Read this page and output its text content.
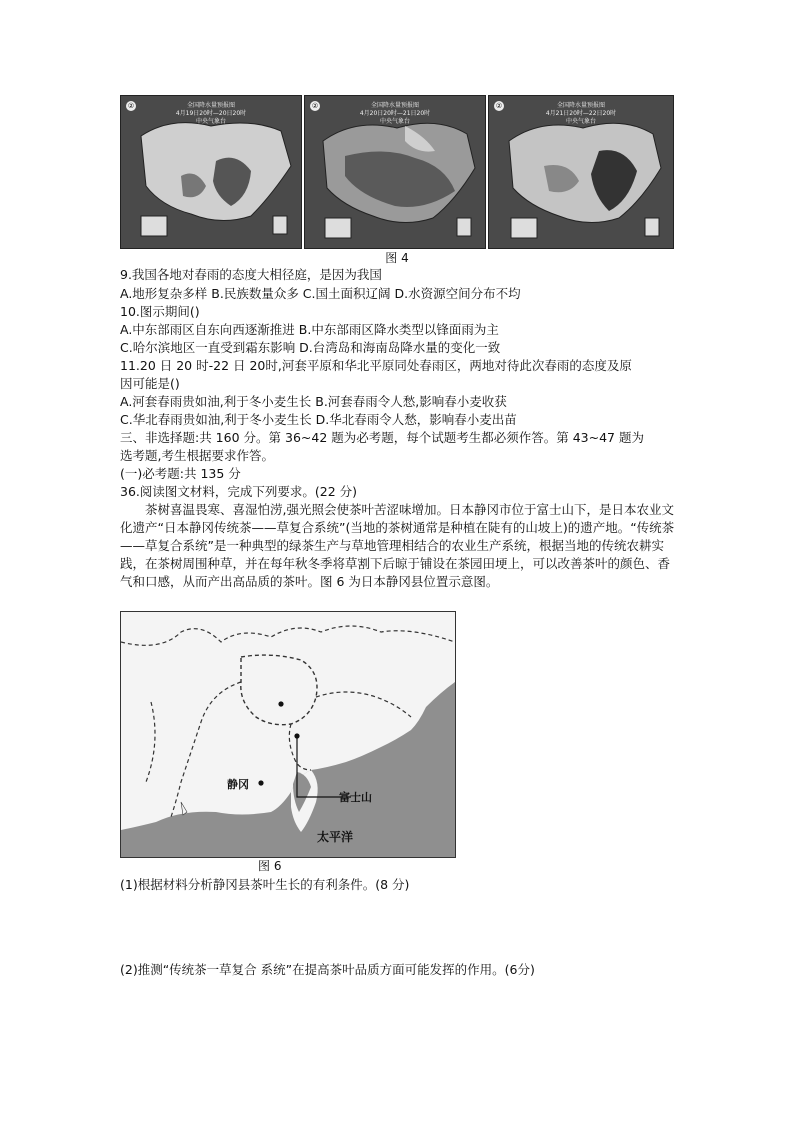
②	全国降水量预报图
4月19日20时—20日20时
中央气象台
②	全国降水量预报图
4月20日20时—21日20时
中央气象台
②	全国降水量预报图
4月21日20时—22日20时
中央气象台
图 4
9.我国各地对春雨的态度大相径庭，是因为我国
A.地形复杂多样 B.民族数量众多 C.国土面积辽阔 D.水资源空间分布不均
10.图示期间()
A.中东部雨区自东向西逐渐推进 B.中东部雨区降水类型以锋面雨为主
C.哈尔滨地区一直受到霜东影响 D.台湾岛和海南岛降水量的变化一致
11.20 日 20 时-22 日 20时,河套平原和华北平原同处春雨区，两地对待此次春雨的态度及原
因可能是()
A.河套春雨贵如油,利于冬小麦生长 B.河套春雨令人愁,影响春小麦收获
C.华北春雨贵如油,利于冬小麦生长 D.华北春雨令人愁，影响春小麦出苗
三、非选择题:共 160 分。第 36~42 题为必考题，每个试题考生都必须作答。第 43~47 题为
选考题,考生根据要求作答。
(一)必考题:共 135 分
36.阅读图文材料，完成下列要求。(22 分)
茶树喜温畏寒、喜湿怕涝,强光照会使茶叶苦涩味增加。日本静冈市位于富士山下，是日本农业文化遗产“日本静冈传统茶——草复合系统”(当地的茶树通常是种植在陡有的山坡上)的遗产地。“传统茶——草复合系统”是一种典型的绿茶生产与草地管理相结合的农业生产系统，根据当地的传统农耕实践，在茶树周围种草，并在每年秋冬季将草割下后晾于铺设在茶园田埂上，可以改善茶叶的颜色、香气和口感，从而产出高品质的茶叶。图 6 为日本静冈县位置示意图。
静冈
富士山
太平洋
图 6
(1)根据材料分析静冈县茶叶生长的有利条件。(8 分)
(2)推测“传统茶一草复合 系统”在提高茶叶品质方面可能发挥的作用。(6分)
